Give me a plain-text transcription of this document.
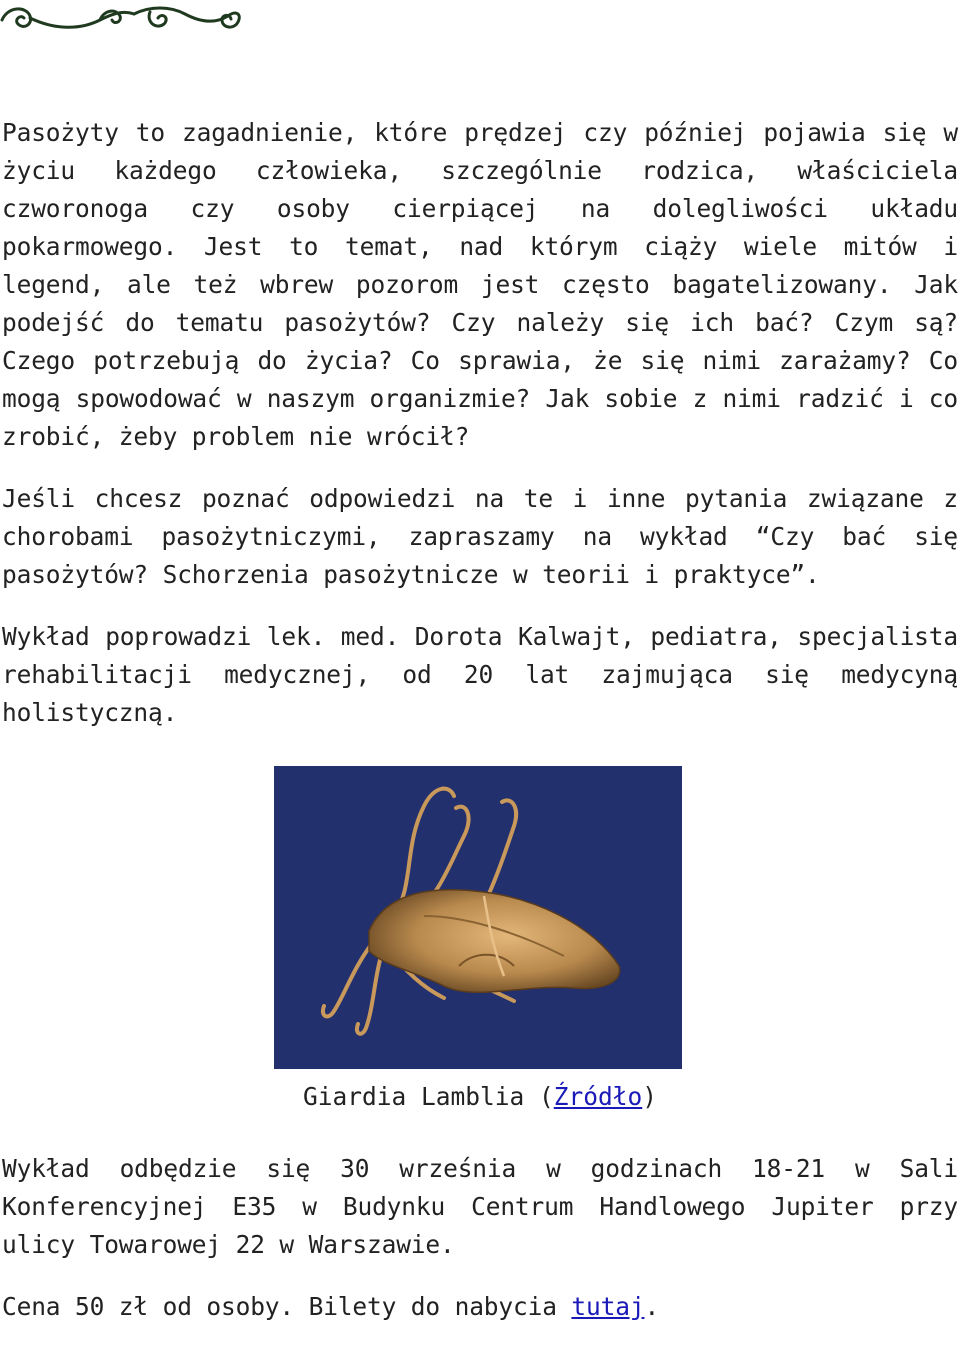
Pasożyty to zagadnienie, które prędzej czy później pojawia się w życiu każdego człowieka, szczególnie rodzica, właściciela czworonoga czy osoby cierpiącej na dolegliwości układu pokarmowego. Jest to temat, nad którym ciąży wiele mitów i legend, ale też wbrew pozorom jest często bagatelizowany. Jak podejść do tematu pasożytów? Czy należy się ich bać? Czym są? Czego potrzebują do życia? Co sprawia, że się nimi zarażamy? Co mogą spowodować w naszym organizmie? Jak sobie z nimi radzić i co zrobić, żeby problem nie wrócił?

Jeśli chcesz poznać odpowiedzi na te i inne pytania związane z chorobami pasożytniczymi, zapraszamy na wykład “Czy bać się pasożytów? Schorzenia pasożytnicze w teorii i praktyce”.

Wykład poprowadzi lek. med. Dorota Kalwajt, pediatra, specjalista rehabilitacji medycznej, od 20 lat zajmująca się medycyną holistyczną.

Giardia Lamblia (Źródło)

Wykład odbędzie się 30 września w godzinach 18-21 w Sali Konferencyjnej E35 w Budynku Centrum Handlowego Jupiter przy ulicy Towarowej 22 w Warszawie.

Cena 50 zł od osoby. Bilety do nabycia tutaj.
